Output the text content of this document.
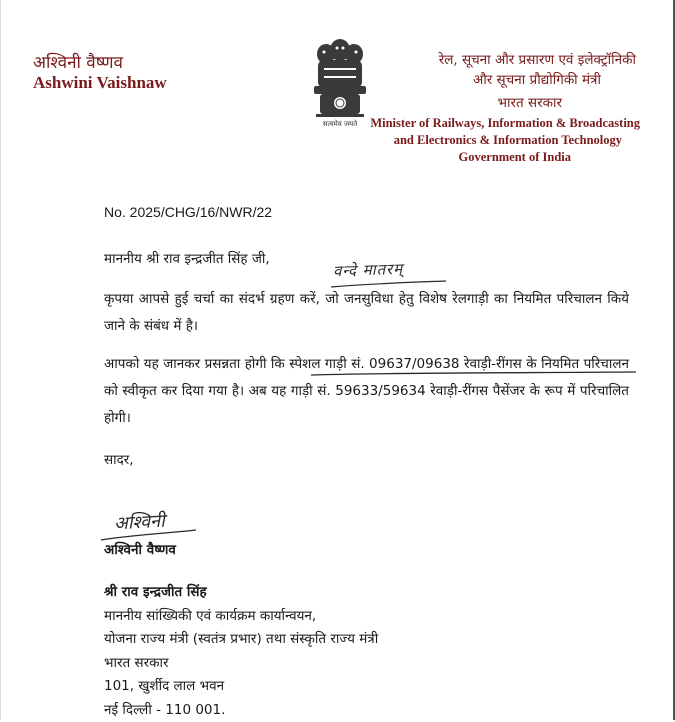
अश्विनी वैष्णव
Ashwini Vaishnaw
सत्यमेव जयते
रेल, सूचना और प्रसारण एवं इलेक्ट्रॉनिकी
और सूचना प्रौद्योगिकी मंत्री
भारत सरकार
Minister of Railways, Information & Broadcasting
and Electronics & Information Technology
Government of India
No. 2025/CHG/16/NWR/22
माननीय श्री राव इन्द्रजीत सिंह जी,
वन्दे मातरम्
कृपया आपसे हुई चर्चा का संदर्भ ग्रहण करें, जो जनसुविधा हेतु विशेष रेलगाड़ी का नियमित परिचालन किये जाने के संबंध में है।
आपको यह जानकर प्रसन्नता होगी कि स्पेशल गाड़ी सं. 09637/09638 रेवाड़ी-रींगस के नियमित परिचालन को स्वीकृत कर दिया गया है। अब यह गाड़ी सं. 59633/59634 रेवाड़ी-रींगस पैसेंजर के रूप में परिचालित होगी।
सादर,
अश्विनी
अश्विनी वैष्णव
श्री राव इन्द्रजीत सिंह
माननीय सांख्यिकी एवं कार्यक्रम कार्यान्वयन,
योजना राज्य मंत्री (स्वतंत्र प्रभार) तथा संस्कृति राज्य मंत्री
भारत सरकार
101, खुर्शीद लाल भवन
नई दिल्ली - 110 001.
